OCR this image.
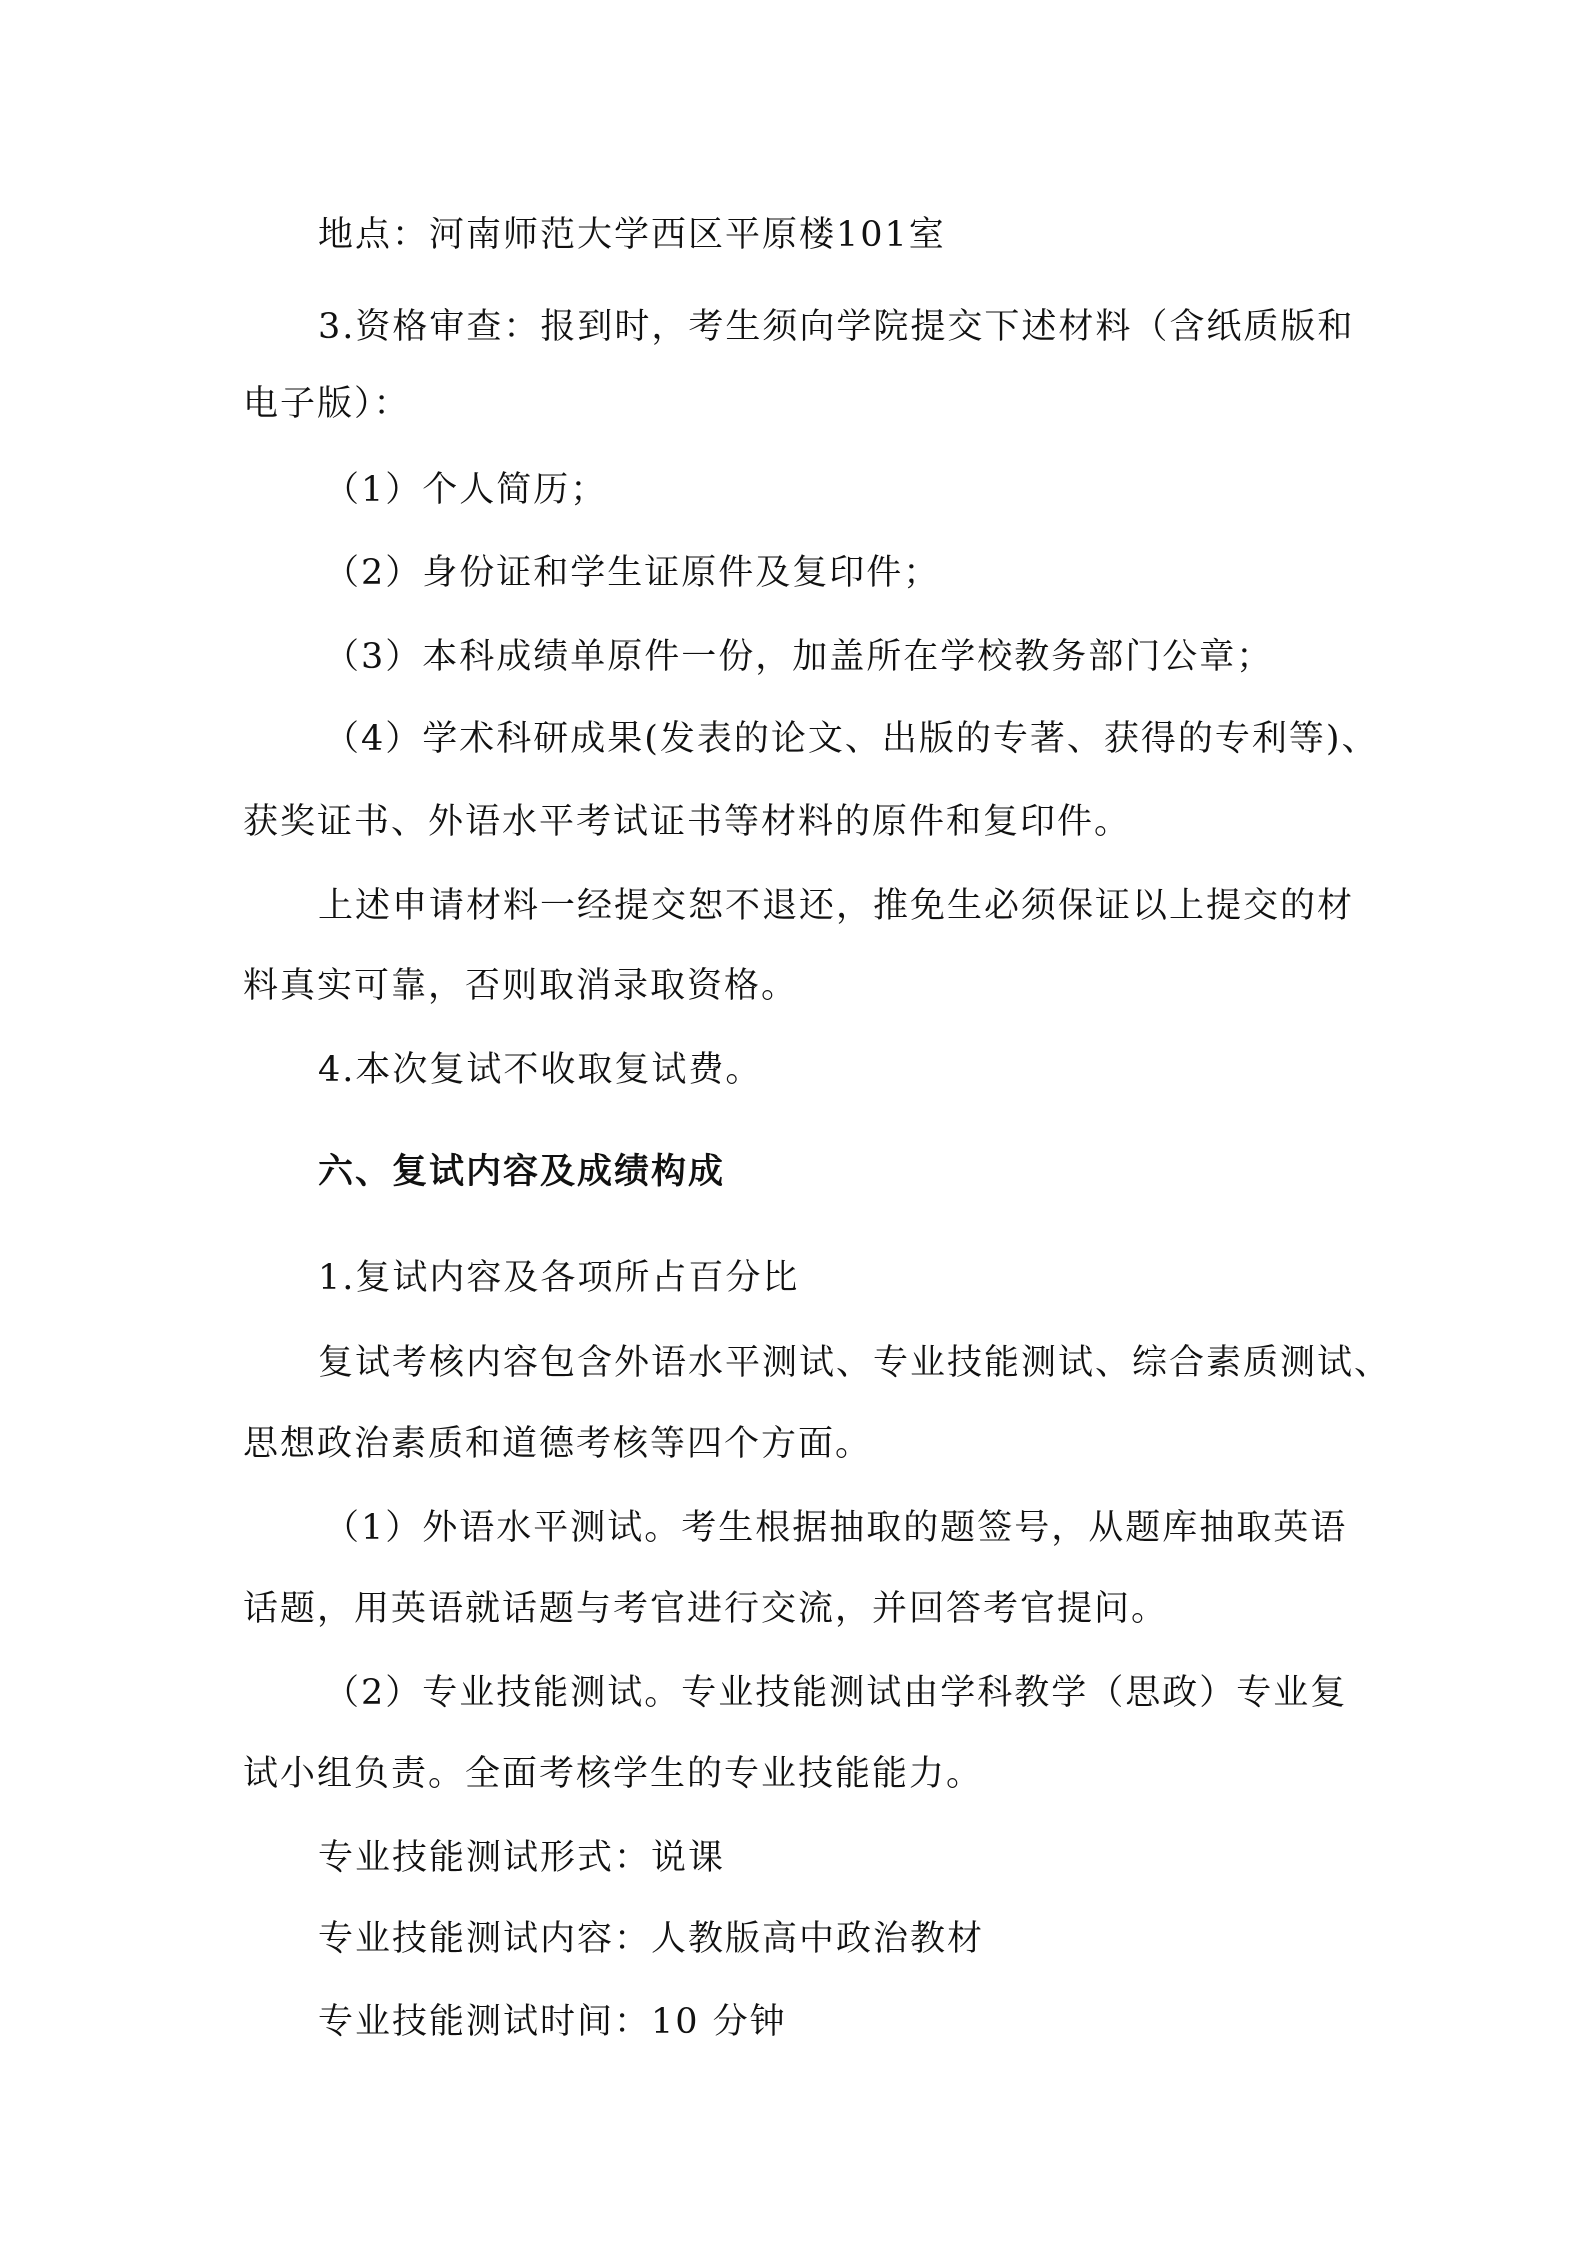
地点：河南师范大学西区平原楼101室
3.资格审查：报到时，考生须向学院提交下述材料（含纸质版和
电子版）：
（1）个人简历；
（2）身份证和学生证原件及复印件；
（3）本科成绩单原件一份，加盖所在学校教务部门公章；
（4）学术科研成果(发表的论文、出版的专著、获得的专利等)、
获奖证书、外语水平考试证书等材料的原件和复印件。
上述申请材料一经提交恕不退还，推免生必须保证以上提交的材
料真实可靠，否则取消录取资格。
4.本次复试不收取复试费。
六、复试内容及成绩构成
1.复试内容及各项所占百分比
复试考核内容包含外语水平测试、专业技能测试、综合素质测试、
思想政治素质和道德考核等四个方面。
（1）外语水平测试。考生根据抽取的题签号，从题库抽取英语
话题，用英语就话题与考官进行交流，并回答考官提问。
（2）专业技能测试。专业技能测试由学科教学（思政）专业复
试小组负责。全面考核学生的专业技能能力。
专业技能测试形式：说课
专业技能测试内容：人教版高中政治教材
专业技能测试时间：10 分钟
